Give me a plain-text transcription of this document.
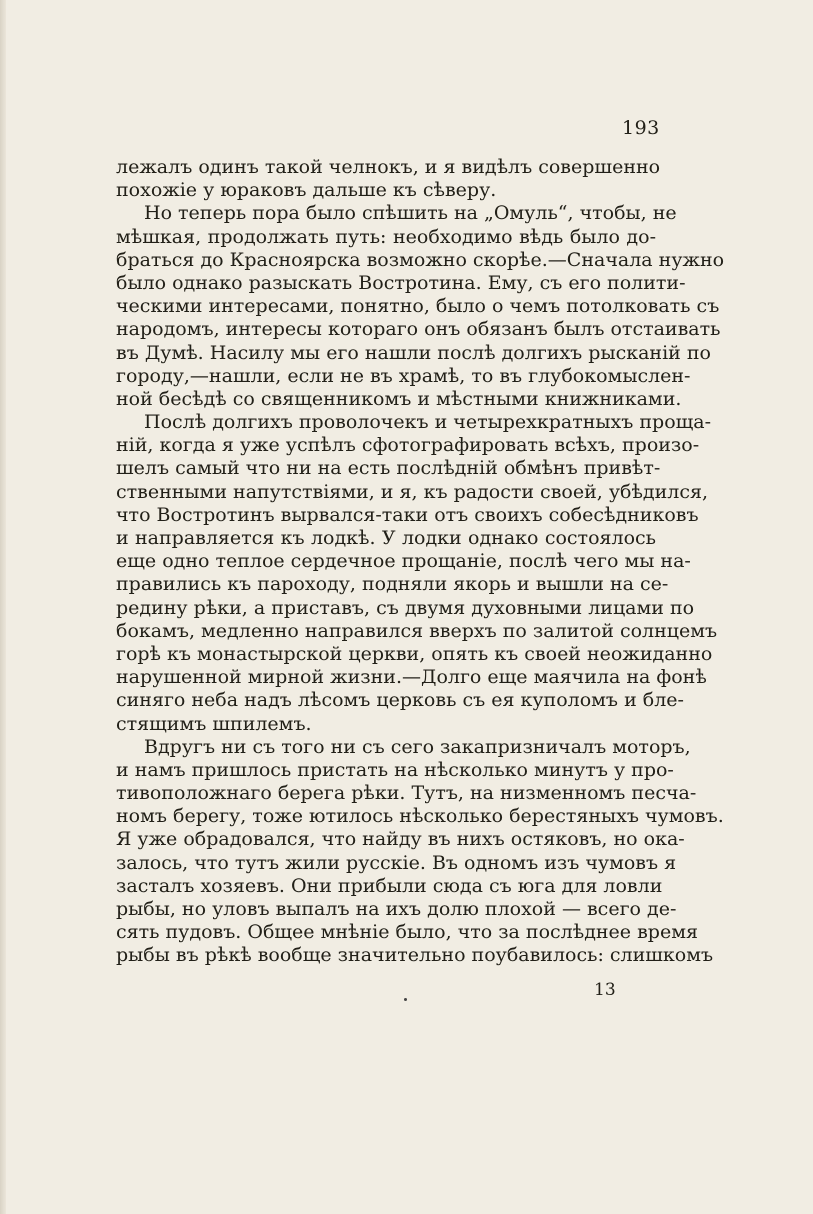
193
лежалъ одинъ такой челнокъ, и я видѣлъ совершенно
похожіе у юраковъ дальше къ сѣверу.
Но теперь пора было спѣшить на „Омуль“, чтобы, не
мѣшкая, продолжать путь: необходимо вѣдь было до-
браться до Красноярска возможно скорѣе.—Сначала нужно
было однако разыскать Востротина. Ему, съ его полити-
ческими интересами, понятно, было о чемъ потолковать съ
народомъ, интересы котораго онъ обязанъ былъ отстаивать
въ Думѣ. Насилу мы его нашли послѣ долгихъ рысканій по
городу,—нашли, если не въ храмѣ, то въ глубокомыслен-
ной бесѣдѣ со священникомъ и мѣстными книжниками.
Послѣ долгихъ проволочекъ и четырехкратныхъ проща-
ній, когда я уже успѣлъ сфотографировать всѣхъ, произо-
шелъ самый что ни на есть послѣдній обмѣнъ привѣт-
ственными напутствіями, и я, къ радости своей, убѣдился,
что Востротинъ вырвался-таки отъ своихъ собесѣдниковъ
и направляется къ лодкѣ. У лодки однако состоялось
еще одно теплое сердечное прощаніе, послѣ чего мы на-
правились къ пароходу, подняли якорь и вышли на се-
редину рѣки, а приставъ, съ двумя духовными лицами по
бокамъ, медленно направился вверхъ по залитой солнцемъ
горѣ къ монастырской церкви, опять къ своей неожиданно
нарушенной мирной жизни.—Долго еще маячила на фонѣ
синяго неба надъ лѣсомъ церковь съ ея куполомъ и бле-
стящимъ шпилемъ.
Вдругъ ни съ того ни съ сего закапризничалъ моторъ,
и намъ пришлось пристать на нѣсколько минутъ у про-
тивоположнаго берега рѣки. Тутъ, на низменномъ песча-
номъ берегу, тоже ютилось нѣсколько берестяныхъ чумовъ.
Я уже обрадовался, что найду въ нихъ остяковъ, но ока-
залось, что тутъ жили русскіе. Въ одномъ изъ чумовъ я
засталъ хозяевъ. Они прибыли сюда съ юга для ловли
рыбы, но уловъ выпалъ на ихъ долю плохой — всего де-
сять пудовъ. Общее мнѣніе было, что за послѣднее время
рыбы въ рѣкѣ вообще значительно поубавилось: слишкомъ
13
